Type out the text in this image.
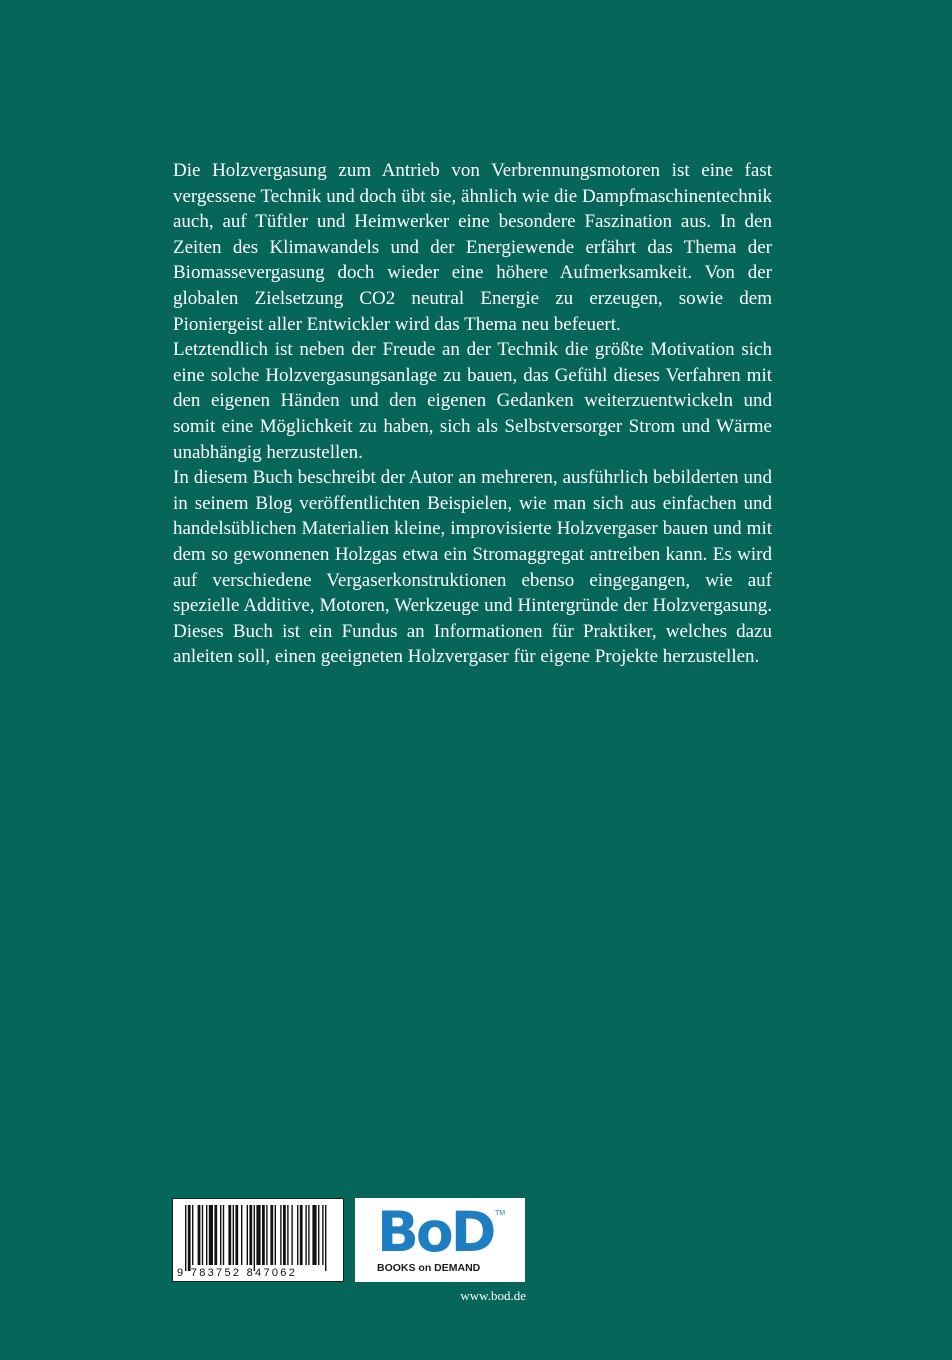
Die Holzvergasung zum Antrieb von Verbrennungsmotoren ist eine fast vergessene Technik und doch übt sie, ähnlich wie die Dampfmaschinentechnik auch, auf Tüftler und Heimwerker eine besondere Faszination aus. In den Zeiten des Klimawandels und der Energiewende erfährt das Thema der Biomassevergasung doch wieder eine höhere Aufmerksamkeit. Von der globalen Zielsetzung CO2 neutral Energie zu erzeugen, sowie dem Pioniergeist aller Entwickler wird das Thema neu befeuert.

Letztendlich ist neben der Freude an der Technik die größte Motivation sich eine solche Holzvergasungsanlage zu bauen, das Gefühl dieses Verfahren mit den eigenen Händen und den eigenen Gedanken weiterzuentwickeln und somit eine Möglichkeit zu haben, sich als Selbstversorger Strom und Wärme unabhängig herzustellen.

In diesem Buch beschreibt der Autor an mehreren, ausführlich bebilderten und in seinem Blog veröffentlichten Beispielen, wie man sich aus einfachen und handelsüblichen Materialien kleine, improvisierte Holzvergaser bauen und mit dem so gewonnenen Holzgas etwa ein Stromaggregat antreiben kann. Es wird auf verschiedene Vergaserkonstruktionen ebenso eingegangen, wie auf spezielle Additive, Motoren, Werkzeuge und Hintergründe der Holzvergasung. Dieses Buch ist ein Fundus an Informationen für Praktiker, welches dazu anleiten soll, einen geeigneten Holzvergaser für eigene Projekte herzustellen.

9 783752 847062
BoD TM
BOOKS on DEMAND
www.bod.de
